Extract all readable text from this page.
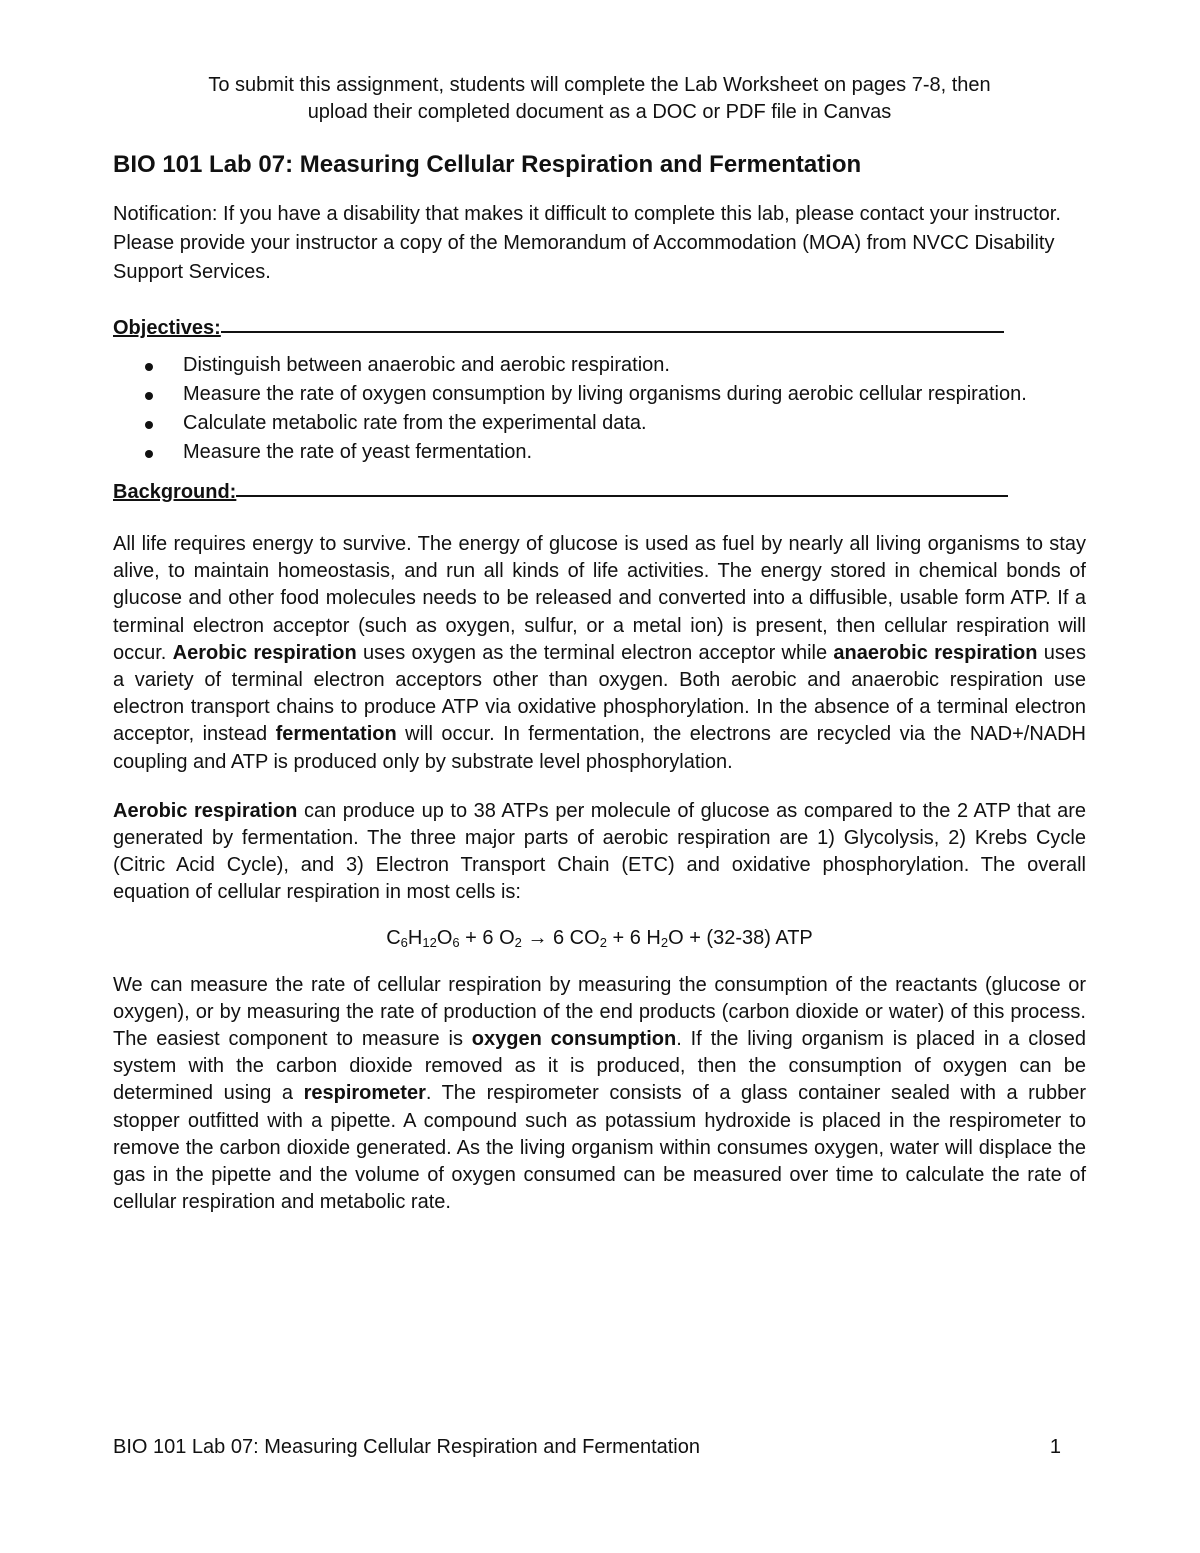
To submit this assignment, students will complete the Lab Worksheet on pages 7-8, then
upload their completed document as a DOC or PDF file in Canvas

BIO 101 Lab 07: Measuring Cellular Respiration and Fermentation

Notification: If you have a disability that makes it difficult to complete this lab, please contact your instructor. Please provide your instructor a copy of the Memorandum of Accommodation (MOA) from NVCC Disability Support Services.

Objectives:
Distinguish between anaerobic and aerobic respiration.
Measure the rate of oxygen consumption by living organisms during aerobic cellular respiration.
Calculate metabolic rate from the experimental data.
Measure the rate of yeast fermentation.
Background:

All life requires energy to survive. The energy of glucose is used as fuel by nearly all living organisms to stay alive, to maintain homeostasis, and run all kinds of life activities. The energy stored in chemical bonds of glucose and other food molecules needs to be released and converted into a diffusible, usable form ATP. If a terminal electron acceptor (such as oxygen, sulfur, or a metal ion) is present, then cellular respiration will occur. Aerobic respiration uses oxygen as the terminal electron acceptor while anaerobic respiration uses a variety of terminal electron acceptors other than oxygen. Both aerobic and anaerobic respiration use electron transport chains to produce ATP via oxidative phosphorylation. In the absence of a terminal electron acceptor, instead fermentation will occur. In fermentation, the electrons are recycled via the NAD+/NADH coupling and ATP is produced only by substrate level phosphorylation.

Aerobic respiration can produce up to 38 ATPs per molecule of glucose as compared to the 2 ATP that are generated by fermentation. The three major parts of aerobic respiration are 1) Glycolysis, 2) Krebs Cycle (Citric Acid Cycle), and 3) Electron Transport Chain (ETC) and oxidative phosphorylation. The overall equation of cellular respiration in most cells is:

$C_6H_{12}O_6 + 6$ $O_2 \to 6$ $CO_2 + 6$ $H_2O + (32-38)$ ATP

We can measure the rate of cellular respiration by measuring the consumption of the reactants (glucose or oxygen), or by measuring the rate of production of the end products (carbon dioxide or water) of this process. The easiest component to measure is oxygen consumption. If the living organism is placed in a closed system with the carbon dioxide removed as it is produced, then the consumption of oxygen can be determined using a respirometer. The respirometer consists of a glass container sealed with a rubber stopper outfitted with a pipette. A compound such as potassium hydroxide is placed in the respirometer to remove the carbon dioxide generated. As the living organism within consumes oxygen, water will displace the gas in the pipette and the volume of oxygen consumed can be measured over time to calculate the rate of cellular respiration and metabolic rate.

BIO 101 Lab 07: Measuring Cellular Respiration and Fermentation	1
